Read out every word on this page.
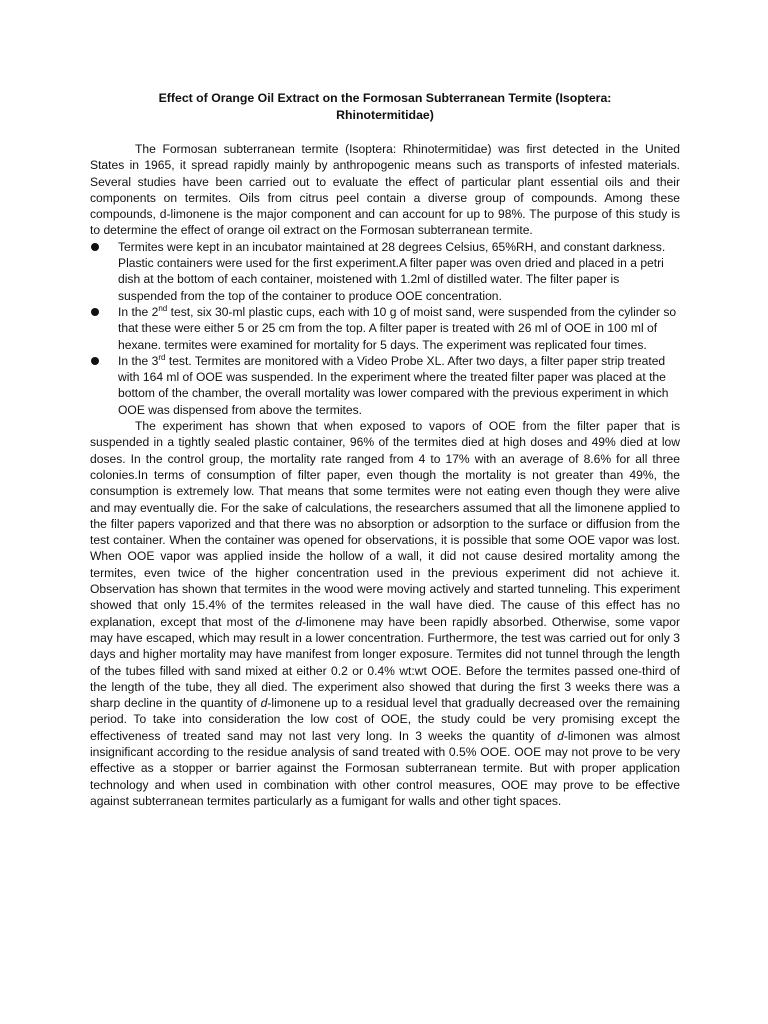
Effect of Orange Oil Extract on the Formosan Subterranean Termite (Isoptera:
Rhinotermitidae)

The Formosan subterranean termite (Isoptera: Rhinotermitidae) was first detected in the United States in 1965, it spread rapidly mainly by anthropogenic means such as transports of infested materials. Several studies have been carried out to evaluate the effect of particular plant essential oils and their components on termites. Oils from citrus peel contain a diverse group of compounds. Among these compounds, d-limonene is the major component and can account for up to 98%. The purpose of this study is to determine the effect of orange oil extract on the Formosan subterranean termite.

Termites were kept in an incubator maintained at 28 degrees Celsius, 65%RH, and constant darkness. Plastic containers were used for the first experiment.A filter paper was oven dried and placed in a petri dish at the bottom of each container, moistened with 1.2ml of distilled water. The filter paper is suspended from the top of the container to produce OOE concentration.
In the 2nd test, six 30-ml plastic cups, each with 10 g of moist sand, were suspended from the cylinder so that these were either 5 or 25 cm from the top. A filter paper is treated with 26 ml of OOE in 100 ml of hexane. termites were examined for mortality for 5 days. The experiment was replicated four times.
In the 3rd test. Termites are monitored with a Video Probe XL. After two days, a filter paper strip treated with 164 ml of OOE was suspended. In the experiment where the treated filter paper was placed at the bottom of the chamber, the overall mortality was lower compared with the previous experiment in which OOE was dispensed from above the termites.

The experiment has shown that when exposed to vapors of OOE from the filter paper that is suspended in a tightly sealed plastic container, 96% of the termites died at high doses and 49% died at low doses. In the control group, the mortality rate ranged from 4 to 17% with an average of 8.6% for all three colonies.In terms of consumption of filter paper, even though the mortality is not greater than 49%, the consumption is extremely low. That means that some termites were not eating even though they were alive and may eventually die. For the sake of calculations, the researchers assumed that all the limonene applied to the filter papers vaporized and that there was no absorption or adsorption to the surface or diffusion from the test container. When the container was opened for observations, it is possible that some OOE vapor was lost. When OOE vapor was applied inside the hollow of a wall, it did not cause desired mortality among the termites, even twice of the higher concentration used in the previous experiment did not achieve it. Observation has shown that termites in the wood were moving actively and started tunneling. This experiment showed that only 15.4% of the termites released in the wall have died. The cause of this effect has no explanation, except that most of the d-limonene may have been rapidly absorbed. Otherwise, some vapor may have escaped, which may result in a lower concentration. Furthermore, the test was carried out for only 3 days and higher mortality may have manifest from longer exposure. Termites did not tunnel through the length of the tubes filled with sand mixed at either 0.2 or 0.4% wt:wt OOE. Before the termites passed one-third of the length of the tube, they all died. The experiment also showed that during the first 3 weeks there was a sharp decline in the quantity of d-limonene up to a residual level that gradually decreased over the remaining period. To take into consideration the low cost of OOE, the study could be very promising except the effectiveness of treated sand may not last very long. In 3 weeks the quantity of d-limonen was almost insignificant according to the residue analysis of sand treated with 0.5% OOE. OOE may not prove to be very effective as a stopper or barrier against the Formosan subterranean termite. But with proper application technology and when used in combination with other control measures, OOE may prove to be effective against subterranean termites particularly as a fumigant for walls and other tight spaces.
